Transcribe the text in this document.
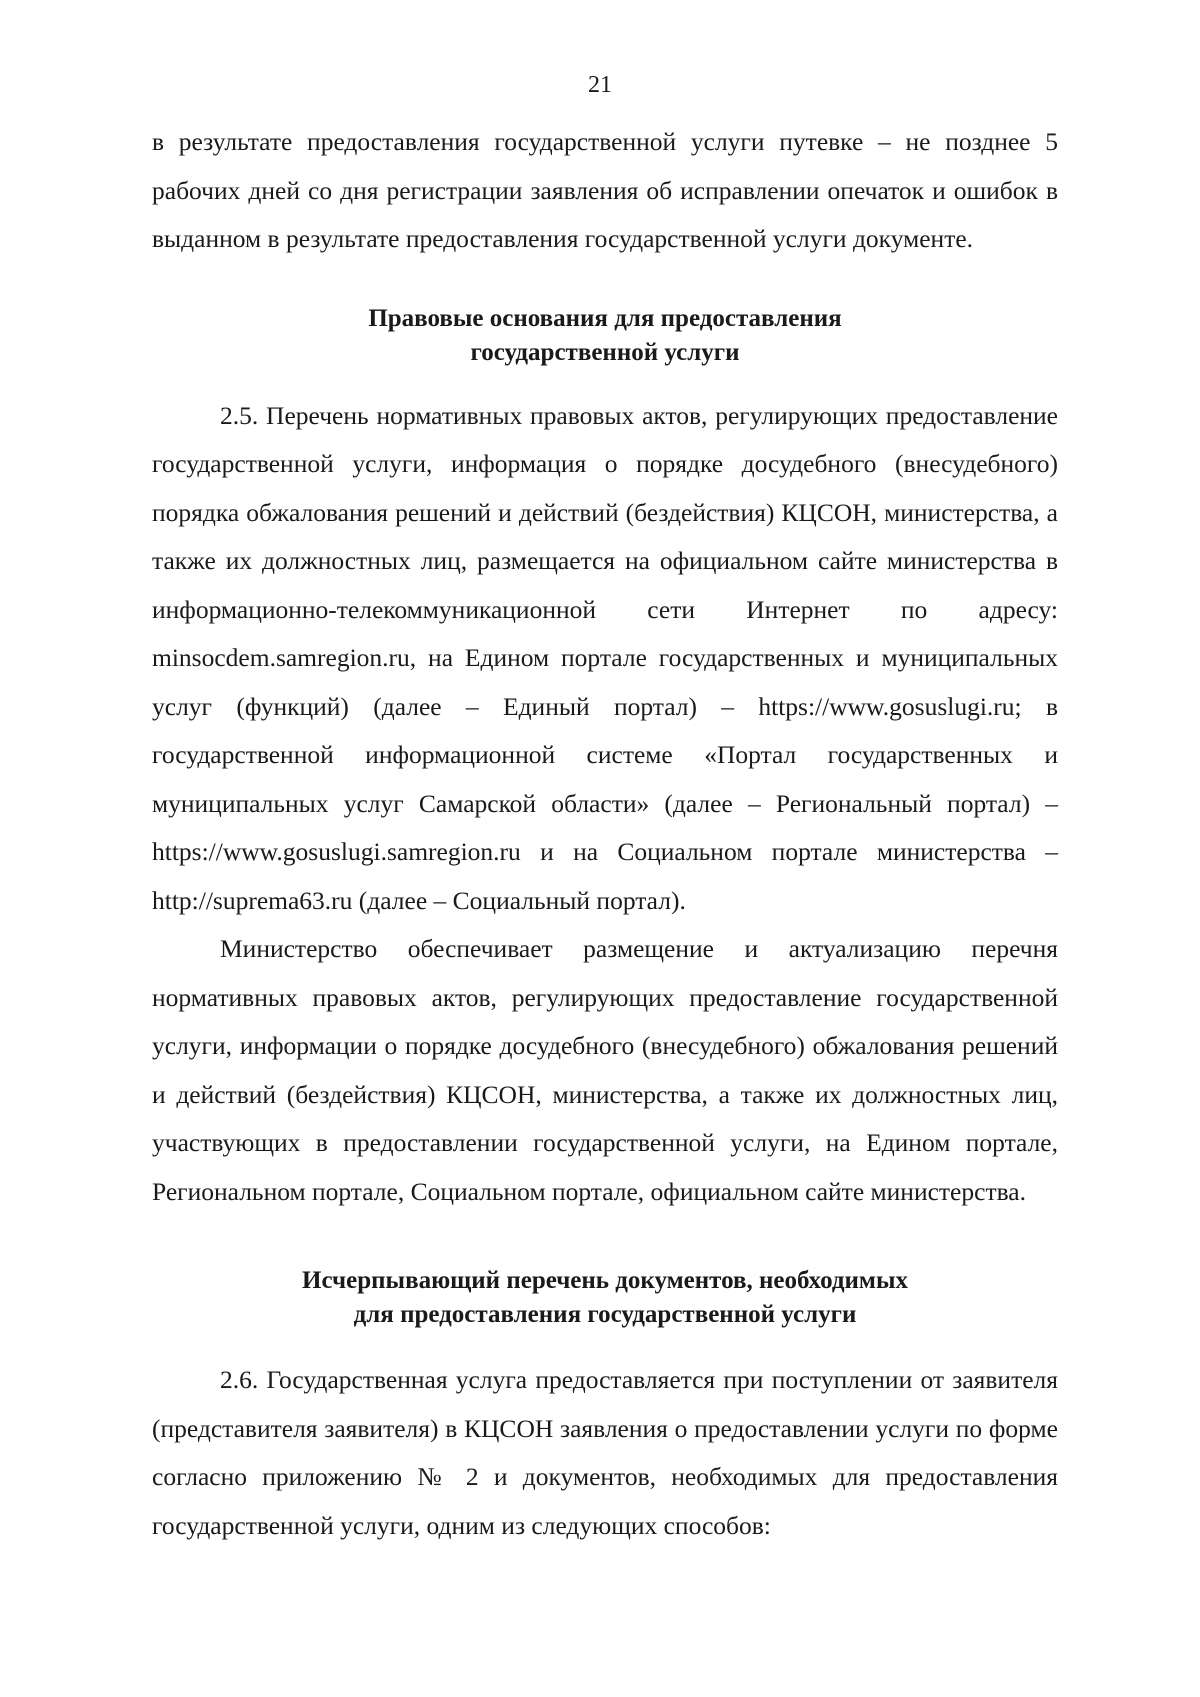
21

в результате предоставления государственной услуги путевке – не позднее 5 рабочих дней со дня регистрации заявления об исправлении опечаток и ошибок в выданном в результате предоставления государственной услуги документе.

Правовые основания для предоставления
государственной услуги

2.5. Перечень нормативных правовых актов, регулирующих предоставление государственной услуги, информация о порядке досудебного (внесудебного) порядка обжалования решений и действий (бездействия) КЦСОН, министерства, а также их должностных лиц, размещается на официальном сайте министерства в информационно-телекоммуникационной сети Интернет по адресу: minsocdem.samregion.ru, на Едином портале государственных и муниципальных услуг (функций) (далее – Единый портал) – https://www.gosuslugi.ru; в государственной информационной системе «Портал государственных и муниципальных услуг Самарской области» (далее – Региональный портал) – https://www.gosuslugi.samregion.ru и на Социальном портале министерства – http://suprema63.ru (далее – Социальный портал).

Министерство обеспечивает размещение и актуализацию перечня нормативных правовых актов, регулирующих предоставление государственной услуги, информации о порядке досудебного (внесудебного) обжалования решений и действий (бездействия) КЦСОН, министерства, а также их должностных лиц, участвующих в предоставлении государственной услуги, на Едином портале, Региональном портале, Социальном портале, официальном сайте министерства.

Исчерпывающий перечень документов, необходимых
для предоставления государственной услуги

2.6. Государственная услуга предоставляется при поступлении от заявителя (представителя заявителя) в КЦСОН заявления о предоставлении услуги по форме согласно приложению № 2 и документов, необходимых для предоставления государственной услуги, одним из следующих способов:
